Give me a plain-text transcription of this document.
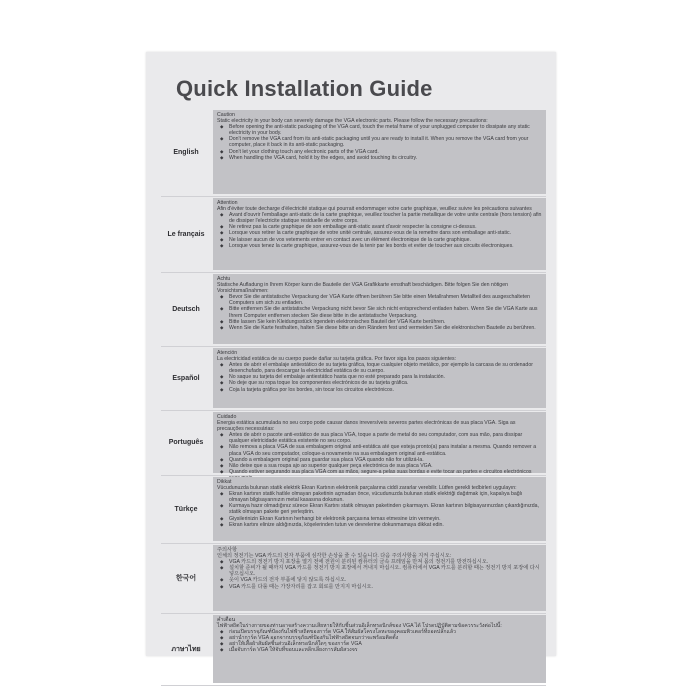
Quick Installation Guide
English
Caution
Static electricity in your body can severely damage the VGA electronic parts. Please follow the necessary precautions:
◆ Before opening the anti-static packaging of the VGA card, touch the metal frame of your unplugged computer to dissipate any static electricity in your body.
◆ Don't remove the VGA card from its anti-static packaging until you are ready to install it. When you remove the VGA card from your computer, place it back in its anti-static packaging.
◆ Don't let your clothing touch any electronic parts of the VGA card.
◆ When handling the VGA card, hold it by the edges, and avoid touching its circuitry.
Le français
Attention
Afin d'éviter toute decharge d'électricité statique qui pourrait endommager votre carte graphique, veuillez suivre les précautions suivantes
◆ Avant d'ouvrir l'emballage anti-static de la carte graphique, veuillez toucher la partie metallique de votre unite centrale (hors tension) afin de dissiper l'electricite statique residuelle de votre corps.
◆ Ne retirez pas la carte graphique de son emballage anti-static avant d'avoir respecter la consigne ci-dessus.
◆ Lorsque vous retirer la carte graphique de votre unité centrale, assurez-vous de la remettre dans son emballage anti-static.
◆ Ne laisser aucun de vos vetements entrer en contact avec un élément électronique de la carte graphique.
◆ Lorsque vous tenez la carte graphique, assurez-vous de la tenir par les bords et eviter de toucher aux circuits électroniques.
Deutsch
Achtu
Statische Aufladung in Ihrem Körper kann die Bauteile der VGA Grafikkarte ernsthaft beschädigen. Bitte folgen Sie den nötigen Vorsichtsmaßnahmen:
◆ Bevor Sie die antistatische Verpackung der VGA Karte öffnen berühren Sie bitte einen Metallrahmen Metallteil des ausgeschalteten Computers um sich zu entladen.
◆ Bitte entfernen Sie die antistatische Verpackung nicht bevor Sie sich nicht entsprechend entladen haben. Wenn Sie die VGA Karte aus Ihrem Computer entfernen stecken Sie diese bitte in die antistatische Verpackung.
◆ Bitte lassen Sie kein Kleidungsstück irgendein elektronisches Bauteil der VGA Karte berühren.
◆ Wenn Sie die Karte festhalten, halten Sie diese bitte an den Rändern fest und vermeiden Sie die elektronischen Bauteile zu berühren.
Español
Atención
La electricidad estática de su cuerpo puede dañar su tarjeta gráfica. Por favor siga los pasos siguientes:
◆ Antes de abrir el embalaje antiestático de su tarjeta gráfica, toque cualquier objeto metálico, por ejemplo la carcasa de su ordenador desenchufado, para descargar la electricidad estática de su cuerpo.
◆ No saque su tarjeta del embalaje antiestático hasta que no esté preparado para la instalación.
◆ No deje que su ropa toque los componentes electrónicos de su tarjeta gráfica.
◆ Coja la tarjeta gráfica por los bordes, sin tocar los circuitos electrónicos.
Português
Cuidado
Energia estática acumulada no seu corpo pode causar danos irreversíveis severos partes electrónicas de sua placa VGA. Siga as precauções necessárias:
◆ Antes de abrir o pacote anti-estático de sua placa VGA, toque a parte de metal do seu computador, com sua mão, para dissipar qualquer eletricidade estática existente no seu corpo.
◆ Não remova a placa VGA de sua embalagem original anti-estática até que esteja pronto(a) para instalar a mesma. Quando remover a placa VGA do seu computador, coloque-a novamente na sua embalagem original anti-estática.
◆ Quando a embalagem original para guardar sua placa VGA quando não for utilizá-la.
◆ Não deixe que a sua roupa ajo ao superior qualquer peça electrónica de sua placa VGA.
◆ Quando estiver segurando sua placa VGA com as mãos, segure-a pelas suas bordas e evite tocar as partes e circuitos electrónicos
Türkçe
Dikkat
Vücudunuzda bulunan statik elektrik Ekran Kartının elektronik parçalarına ciddi zararlar verebilir. Lütfen gerekli tedbirleri uygulayın:
◆ Ekran kartının statik hatlıle olmayan paketinin açmadan önce, vücudunuzda bulunan statik elektriği dağıtmak için, kapalıya bağlı olmayan bilgisayarınızın metal kasasına dokunun.
◆ Kurmaya hazır olmadığınız sürece Ekran Kartını statik olmayan paketinden çıkarmayın. Ekran kartının bilgisayarınızdan çıkardığınızda, statik olmayan pakete geri yerleştirin.
◆ Giysilerinizin Ekran Kartının herhangi bir elektronik parçasına temas etmesine izin vermeyin.
◆ Ekran kartını elinize aldığınızda, köşelerinden tutun ve devrelerine dokunmamaya dikkat edin.
한국어
주의사항
인체의 정전기는 VGA 카드의 전자 부품에 심각한 손상을 줄 수 있습니다. 다음 주의사항을 지켜 주십시오:
◆ VGA 카드의 정전기 방지 포장을 열기 전에 전원이 분리된 컴퓨터의 금속 프레임을 만져 몸의 정전기를 방전하십시오.
◆ 설치할 준비가 될 때까지 VGA 카드를 정전기 방지 포장에서 꺼내지 마십시오. 컴퓨터에서 VGA 카드를 분리할 때는 정전기 방지 포장에 다시 넣으십시오.
◆ 옷이 VGA 카드의 전자 부품에 닿지 않도록 하십시오.
◆ VGA 카드를 다룰 때는 가장자리를 잡고 회로를 만지지 마십시오.
ภาษาไทย
คำเตือน
ไฟฟ้าสถิตในร่างกายของท่านอาจสร้างความเสียหายให้กับชิ้นส่วนอิเล็กทรอนิกส์ของ VGA ได้ โปรดปฏิบัติตามข้อควรระวังต่อไปนี้:
◆ ก่อนเปิดบรรจุภัณฑ์ป้องกันไฟฟ้าสถิตของการ์ด VGA ให้สัมผัสโครงโลหะของคอมพิวเตอร์ที่ถอดปลั๊กแล้ว
◆ อย่านำการ์ด VGA ออกจากบรรจุภัณฑ์ป้องกันไฟฟ้าสถิตจนกว่าจะพร้อมติดตั้ง
◆ อย่าให้เสื้อผ้าสัมผัสชิ้นส่วนอิเล็กทรอนิกส์ใดๆ ของการ์ด VGA
◆ เมื่อจับการ์ด VGA ให้จับที่ขอบและหลีกเลี่ยงการสัมผัสวงจร
